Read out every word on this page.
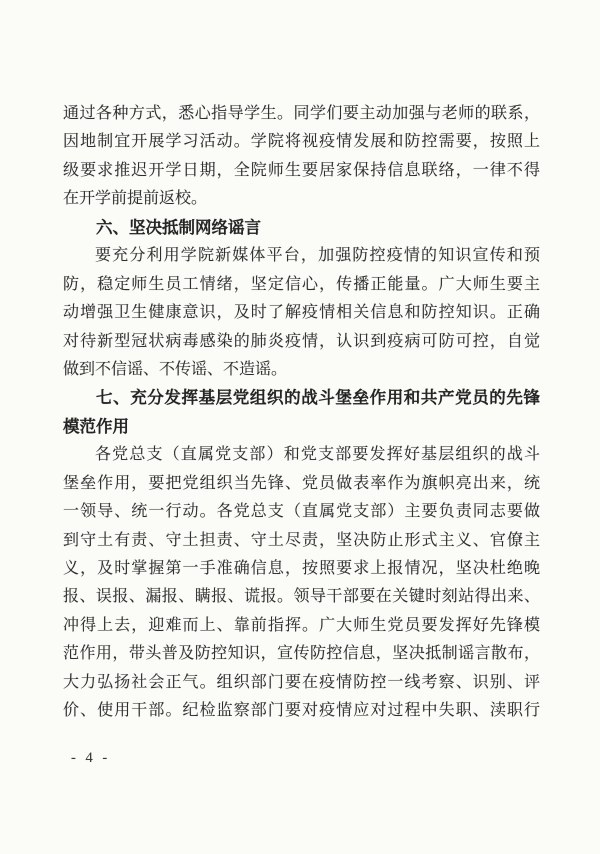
通过各种方式，悉心指导学生。同学们要主动加强与老师的联系，
因地制宜开展学习活动。学院将视疫情发展和防控需要，按照上
级要求推迟开学日期，全院师生要居家保持信息联络，一律不得
在开学前提前返校。
六、坚决抵制网络谣言
要充分利用学院新媒体平台，加强防控疫情的知识宣传和预
防，稳定师生员工情绪，坚定信心，传播正能量。广大师生要主
动增强卫生健康意识，及时了解疫情相关信息和防控知识。正确
对待新型冠状病毒感染的肺炎疫情，认识到疫病可防可控，自觉
做到不信谣、不传谣、不造谣。
七、充分发挥基层党组织的战斗堡垒作用和共产党员的先锋
模范作用
各党总支（直属党支部）和党支部要发挥好基层组织的战斗
堡垒作用，要把党组织当先锋、党员做表率作为旗帜亮出来，统
一领导、统一行动。各党总支（直属党支部）主要负责同志要做
到守土有责、守土担责、守土尽责，坚决防止形式主义、官僚主
义，及时掌握第一手准确信息，按照要求上报情况，坚决杜绝晚
报、误报、漏报、瞒报、谎报。领导干部要在关键时刻站得出来、
冲得上去，迎难而上、靠前指挥。广大师生党员要发挥好先锋模
范作用，带头普及防控知识，宣传防控信息，坚决抵制谣言散布，
大力弘扬社会正气。组织部门要在疫情防控一线考察、识别、评
价、使用干部。纪检监察部门要对疫情应对过程中失职、渎职行
- 4 -
